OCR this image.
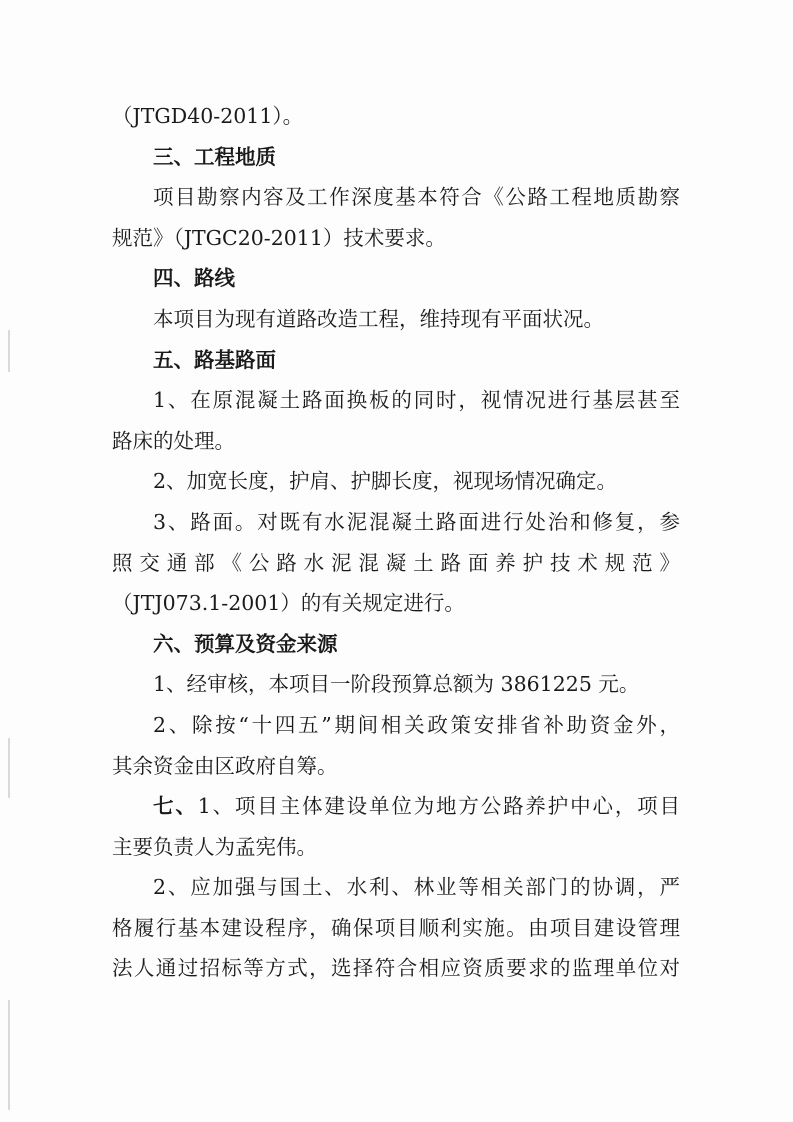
（JTGD40-2011）。
三、工程地质
项目勘察内容及工作深度基本符合《公路工程地质勘察
规范》（JTGC20-2011）技术要求。
四、路线
本项目为现有道路改造工程，维持现有平面状况。
五、路基路面
1、在原混凝土路面换板的同时，视情况进行基层甚至
路床的处理。
2、加宽长度，护肩、护脚长度，视现场情况确定。
3、路面。对既有水泥混凝土路面进行处治和修复，参
照交通部《公路水泥混凝土路面养护技术规范》
（JTJ073.1-2001）的有关规定进行。
六、预算及资金来源
1、经审核，本项目一阶段预算总额为 3861225 元。
2、除按“十四五”期间相关政策安排省补助资金外，
其余资金由区政府自筹。
七、1、项目主体建设单位为地方公路养护中心，项目
主要负责人为孟宪伟。
2、应加强与国土、水利、林业等相关部门的协调，严
格履行基本建设程序，确保项目顺利实施。由项目建设管理
法人通过招标等方式，选择符合相应资质要求的监理单位对
